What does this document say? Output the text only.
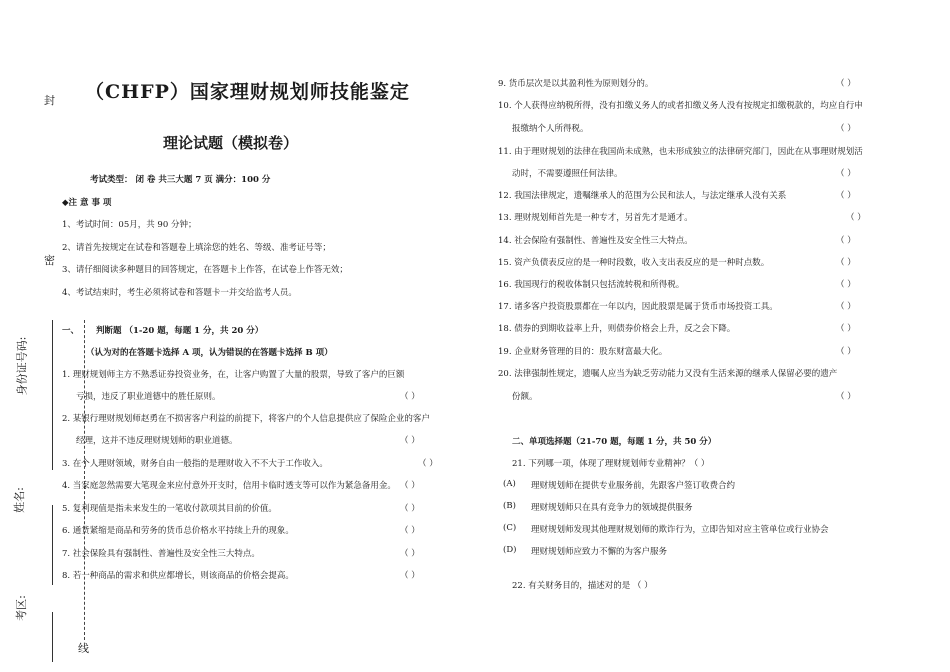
封
密
线
身份证号码:
姓名:
考区:
（CHFP）国家理财规划师技能鉴定
理论试题（模拟卷）
考试类型： 闭 卷 共三大题 7 页 满分：100 分
◆注 意 事 项
1、考试时间：05月，共 90 分钟；
2、请首先按规定在试卷和答题卷上填涂您的姓名、等级、准考证号等；
3、请仔细阅读多种题目的回答规定，在答题卡上作答，在试卷上作答无效；
4、考试结束时，考生必须将试卷和答题卡一并交给监考人员。
一、 判断题 （1-20 题，每题 1 分，共 20 分）
（认为对的在答题卡选择 A 项，认为错误的在答题卡选择 B 项）
1. 理财规划师主方不熟悉证券投资业务，在，让客户购置了大量的股票，导致了客户的巨额
亏损，违反了职业道德中的胜任原则。	（ ）
2. 某银行理财规划师赵勇在不损害客户利益的前提下，将客户的个人信息提供应了保险企业的客户
经理，这并不违反理财规划师的职业道德。	（ ）
3. 在个人理财领域，财务自由一般指的是理财收入不不大于工作收入。	（ ）
4. 当家庭忽然需要大笔现金来应付意外开支时，信用卡临时透支等可以作为紧急备用金。 （ ）
5. 复利现值是指未来发生的一笔收付款项其目前的价值。	（ ）
6. 通货紧缩是商品和劳务的货币总价格水平持续上升的现象。	（ ）
7. 社会保险具有强制性、普遍性及安全性三大特点。	（ ）
8. 若一种商品的需求和供应都增长，则该商品的价格会提高。	（ ）
9. 货币层次是以其盈利性为原则划分的。	（ ）
10. 个人获得应纳税所得，没有扣缴义务人的或者扣缴义务人没有按规定扣缴税款的，均应自行申
报缴纳个人所得税。	（ ）
11. 由于理财规划的法律在我国尚未成熟，也未形成独立的法律研究部门，因此在从事理财规划活
动时，不需要遵照任何法律。	（ ）
12. 我国法律规定，遗嘱继承人的范围为公民和法人，与法定继承人没有关系	（ ）
13. 理财规划师首先是一种专才，另首先才是通才。	（ ）
14. 社会保险有强制性、普遍性及安全性三大特点。	（ ）
15. 资产负债表反应的是一种时段数，收入支出表反应的是一种时点数。	（ ）
16. 我国现行的税收体制只包括流转税和所得税。	（ ）
17. 诸多客户投资股票都在一年以内，因此股票是属于货币市场投资工具。	（ ）
18. 债券的到期收益率上升，则债券价格会上升，反之会下降。	（ ）
19. 企业财务管理的目的：股东财富最大化。	（ ）
20. 法律强制性规定，遗嘱人应当为缺乏劳动能力又没有生活来源的继承人保留必要的遗产
份额。	（ ）
二、单项选择题（21-70 题，每题 1 分，共 50 分）
21. 下列哪一项，体现了理财规划师专业精神？（ ）
(A) 理财规划师在提供专业服务前，先跟客户签订收费合约
(B) 理财规划师只在具有竞争力的领域提供服务
(C) 理财规划师发现其他理财规划师的欺诈行为，立即告知对应主管单位或行业协会
(D) 理财规划师应致力不懈的为客户服务
22. 有关财务目的，描述对的是 （ ）
